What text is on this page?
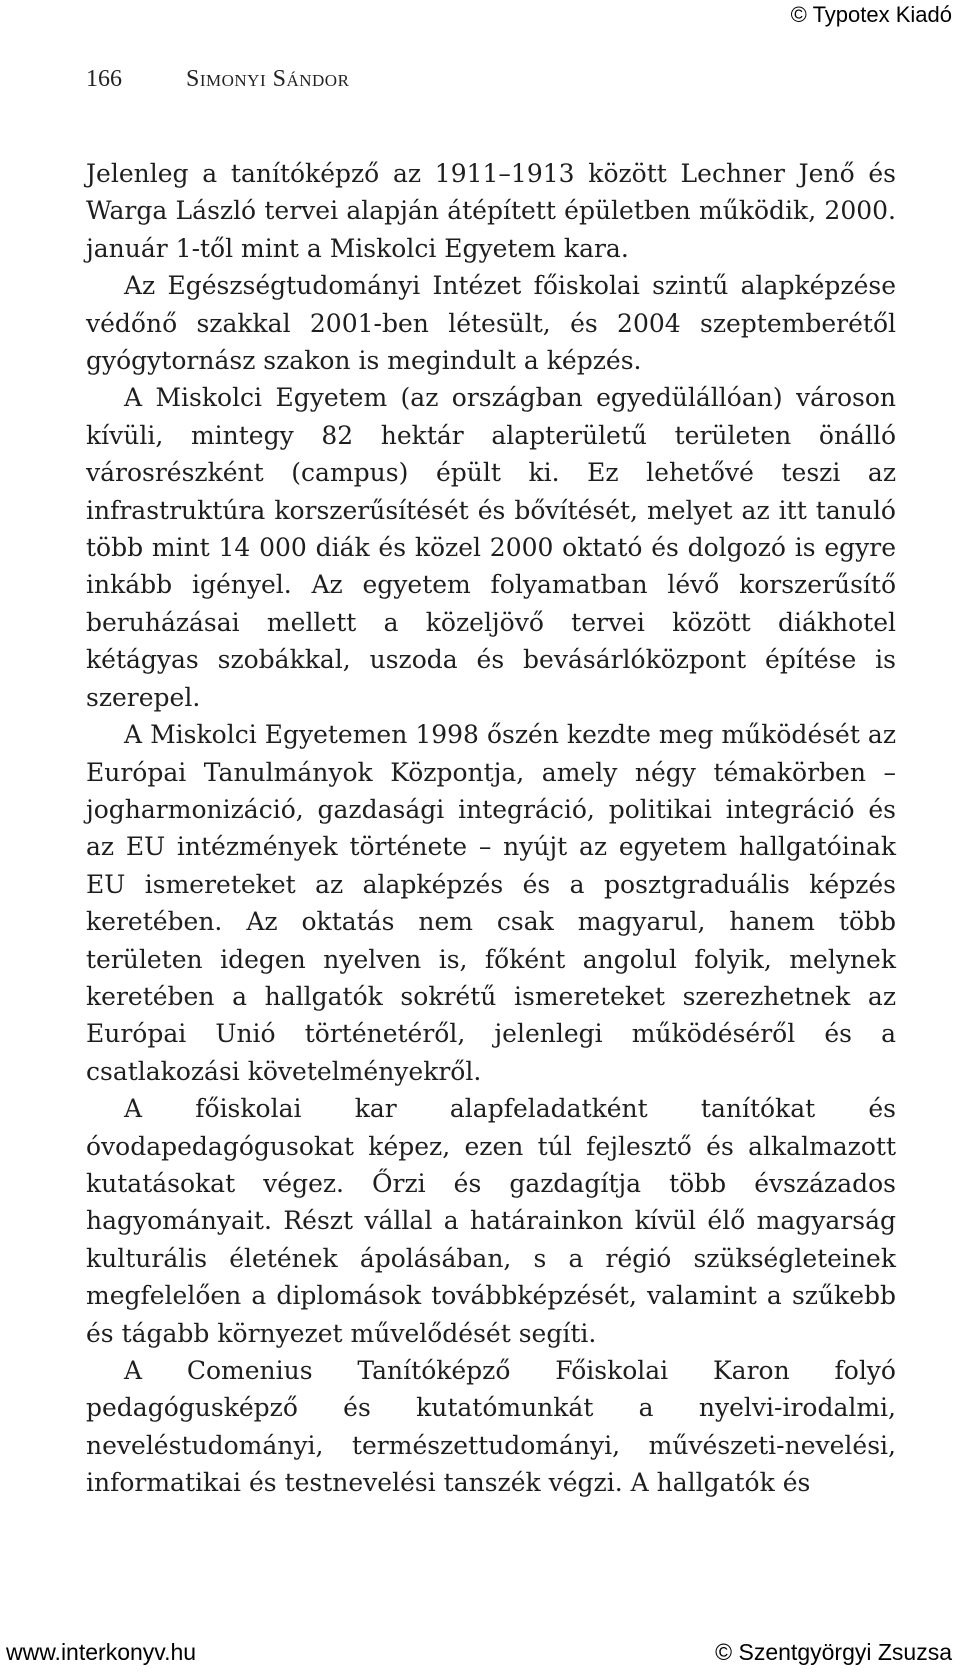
© Typotex Kiadó
166	Simonyi Sándor

Jelenleg a tanítóképző az 1911–1913 között Lechner Jenő és Warga László tervei alapján átépített épületben működik, 2000. január 1-től mint a Miskolci Egyetem kara.

Az Egészségtudományi Intézet főiskolai szintű alapképzése védőnő szakkal 2001-ben létesült, és 2004 szeptemberétől gyógytornász szakon is megindult a képzés.

A Miskolci Egyetem (az országban egyedülállóan) városon kívüli, mintegy 82 hektár alapterületű területen önálló városrészként (campus) épült ki. Ez lehetővé teszi az infrastruktúra korszerűsítését és bővítését, melyet az itt tanuló több mint 14 000 diák és közel 2000 oktató és dolgozó is egyre inkább igényel. Az egyetem folyamatban lévő korszerűsítő beruházásai mellett a közeljövő tervei között diákhotel kétágyas szobákkal, uszoda és bevásárlóközpont építése is szerepel.

A Miskolci Egyetemen 1998 őszén kezdte meg működését az Európai Tanulmányok Központja, amely négy témakörben – jogharmonizáció, gazdasági integráció, politikai integráció és az EU intézmények története – nyújt az egyetem hallgatóinak EU ismereteket az alapképzés és a posztgraduális képzés keretében. Az oktatás nem csak magyarul, hanem több területen idegen nyelven is, főként angolul folyik, melynek keretében a hallgatók sokrétű ismereteket szerezhetnek az Európai Unió történetéről, jelenlegi működéséről és a csatlakozási követelményekről.

A főiskolai kar alapfeladatként tanítókat és óvodapedagógusokat képez, ezen túl fejlesztő és alkalmazott kutatásokat végez. Őrzi és gazdagítja több évszázados hagyományait. Részt vállal a határainkon kívül élő magyarság kulturális életének ápolásában, s a régió szükségleteinek megfelelően a diplomások továbbképzését, valamint a szűkebb és tágabb környezet művelődését segíti.

A Comenius Tanítóképző Főiskolai Karon folyó pedagógusképző és kutatómunkát a nyelvi-irodalmi, neveléstudományi, természettudományi, művészeti-nevelési, informatikai és testnevelési tanszék végzi. A hallgatók és

www.interkonyv.hu	© Szentgyörgyi Zsuzsa
